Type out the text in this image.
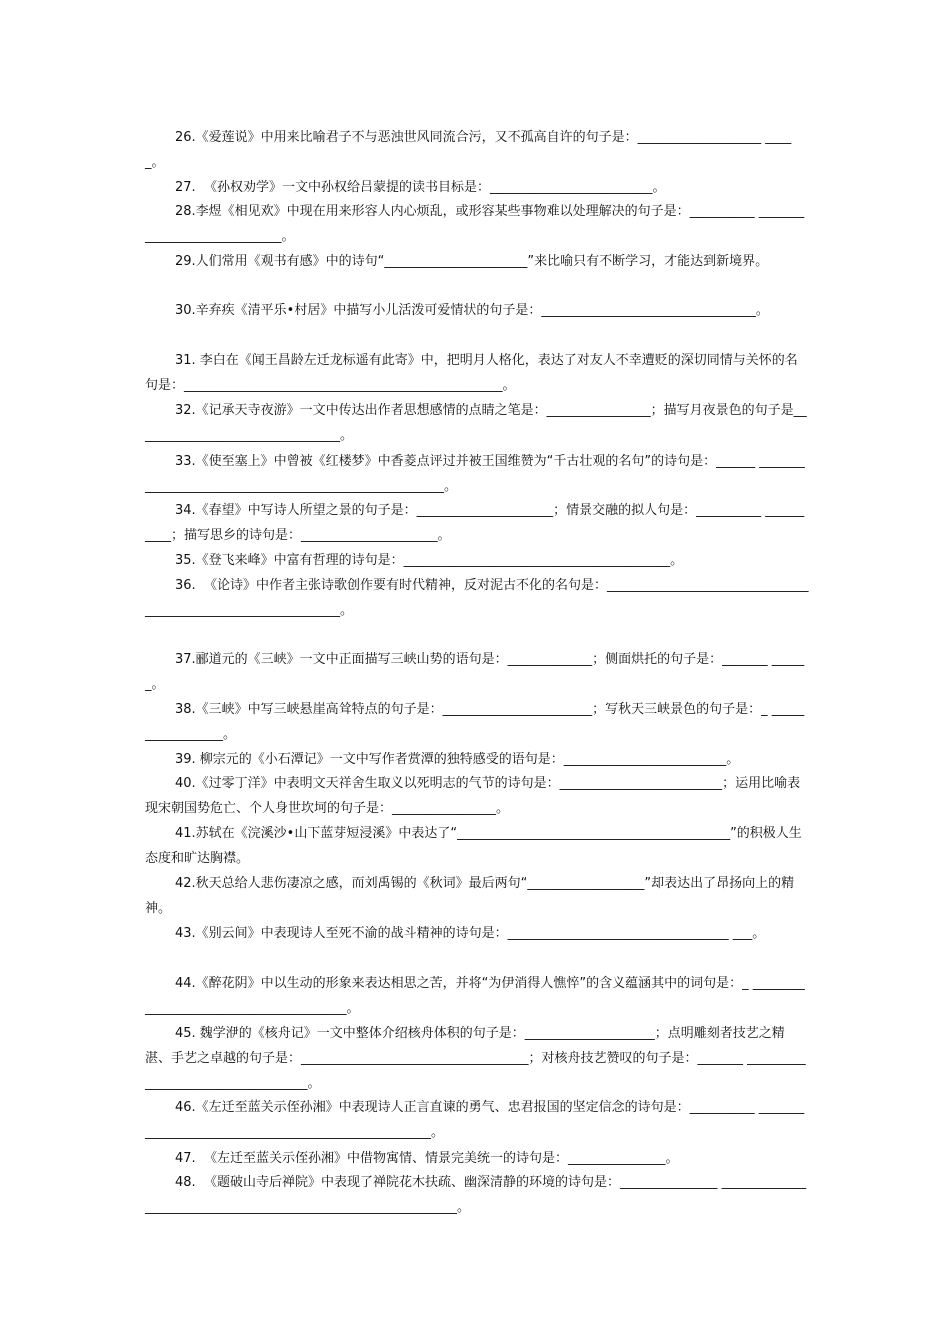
26.《爱莲说》中用来比喻君子不与恶浊世风同流合污，又不孤高自许的句子是：___________________ _____。
27.  《孙权劝学》一文中孙权给吕蒙提的读书目标是：_________________________。
28.李煜《相见欢》中现在用来形容人内心烦乱，或形容某些事物难以处理解决的句子是：__________ ____________________________。
29.人们常用《观书有感》中的诗句“______________________”来比喻只有不断学习，才能达到新境界。
30.辛弃疾《清平乐•村居》中描写小儿活泼可爱情状的句子是：_________________________________。
31. 李白在《闻王昌龄左迁龙标遥有此寄》中，把明月人格化，表达了对友人不幸遭贬的深切同情与关怀的名句是：_________________________________________________。
32.《记承天寺夜游》一文中传达出作者思想感情的点睛之笔是：________________；描写月夜景色的句子是________________________________。
33.《使至塞上》中曾被《红楼梦》中香菱点评过并被王国维赞为“千古壮观的名句”的诗句是：______ _____________________________________________________。
34.《春望》中写诗人所望之景的句子是：_____________________；情景交融的拟人句是：__________ __________；描写思乡的诗句是：_____________________。
35.《登飞来峰》中富有哲理的诗句是：_________________________________________。
36.  《论诗》中作者主张诗歌创作要有时代精神，反对泥古不化的名句是：_____________________________________________________________。
37.郦道元的《三峡》一文中正面描写三峡山势的语句是：_____________；侧面烘托的句子是：_______ ______。
38.《三峡》中写三峡悬崖高耸特点的句子是：_______________________；写秋天三峡景色的句子是：_ _________________。
39. 柳宗元的《小石潭记》一文中写作者赏潭的独特感受的语句是：_________________________。
40.《过零丁洋》中表明文天祥舍生取义以死明志的气节的诗句是：_________________________；运用比喻表现宋朝国势危亡、个人身世坎坷的句子是：________________。
41.苏轼在《浣溪沙•山下蓝芽短浸溪》中表达了“__________________________________________”的积极人生态度和旷达胸襟。
42.秋天总给人悲伤凄凉之感，而刘禹锡的《秋词》最后两句“__________________”却表达出了昂扬向上的精神。
43.《别云间》中表现诗人至死不渝的战斗精神的诗句是：__________________________________ ___。
44.《醉花阴》中以生动的形象来表达相思之苦，并将“为伊消得人憔悴”的含义蕴涵其中的词句是：_ _______________________________________。
45. 魏学洢的《核舟记》一文中整体介绍核舟体积的句子是：____________________；点明雕刻者技艺之精湛、手艺之卓越的句子是：___________________________________；对核舟技艺赞叹的句子是：_______ __________________________________。
46.《左迁至蓝关示侄孙湘》中表现诗人正言直谏的勇气、忠君报国的坚定信念的诗句是：__________ ___________________________________________________。
47.  《左迁至蓝关示侄孙湘》中借物寓情、情景完美统一的诗句是：_______________。
48.  《题破山寺后禅院》中表现了禅院花木扶疏、幽深清静的环境的诗句是：_______________ _____________________________________________________________。
